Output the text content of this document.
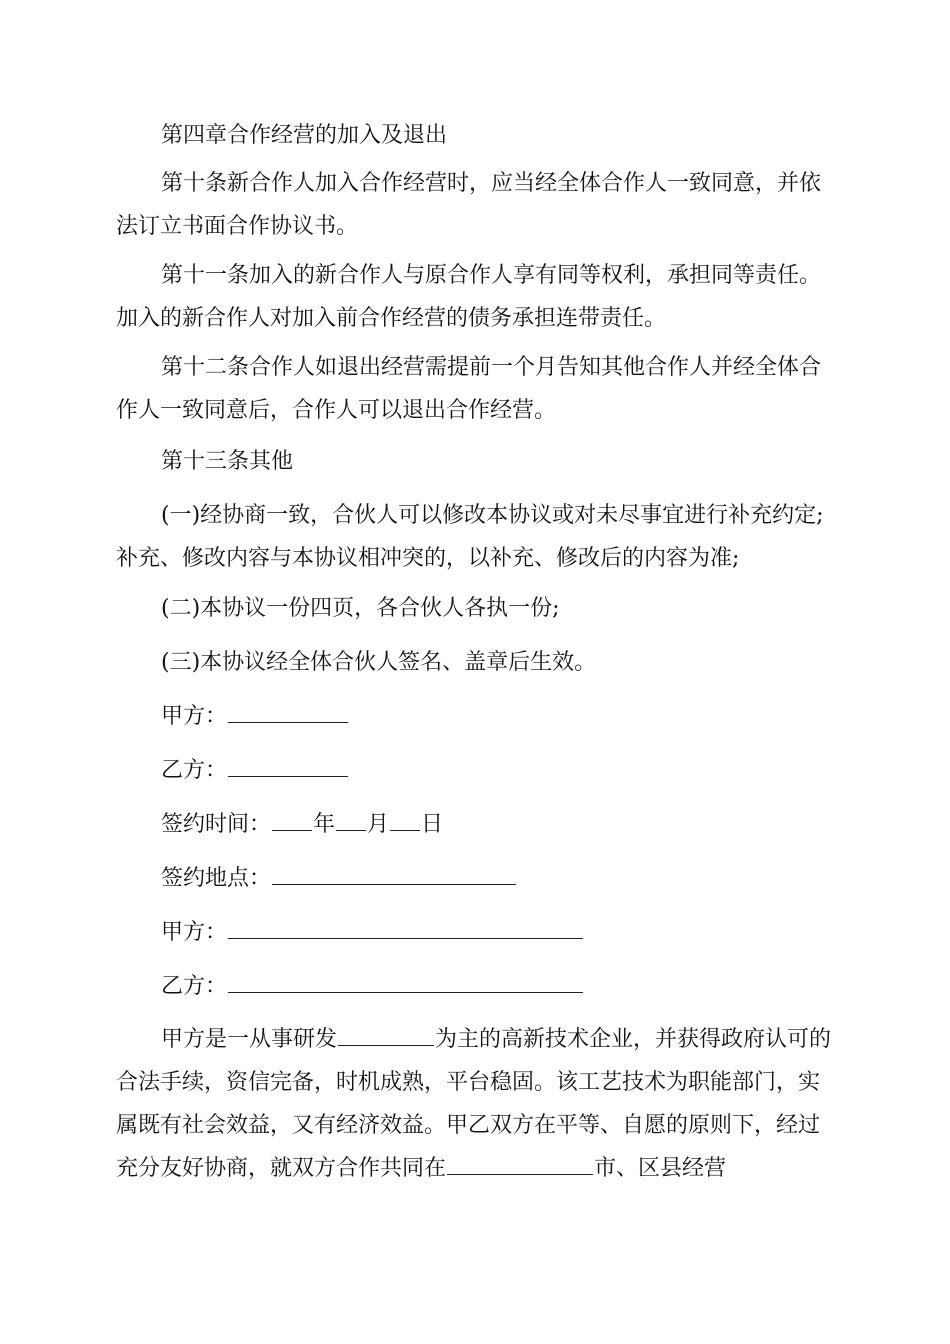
第四章合作经营的加入及退出

第十条新合作人加入合作经营时，应当经全体合作人一致同意，并依法订立书面合作协议书。

第十一条加入的新合作人与原合作人享有同等权利，承担同等责任。加入的新合作人对加入前合作经营的债务承担连带责任。

第十二条合作人如退出经营需提前一个月告知其他合作人并经全体合作人一致同意后，合作人可以退出合作经营。

第十三条其他

(一)经协商一致，合伙人可以修改本协议或对未尽事宜进行补充约定;补充、修改内容与本协议相冲突的，以补充、修改后的内容为准;

(二)本协议一份四页，各合伙人各执一份;

(三)本协议经全体合伙人签名、盖章后生效。

甲方：
乙方：
签约时间： 年 月 日
签约地点：
甲方：
乙方：

甲方是一从事研发	为主的高新技术企业，并获得政府认可的合法手续，资信完备，时机成熟，平台稳固。该工艺技术为职能部门，实属既有社会效益，又有经济效益。甲乙双方在平等、自愿的原则下，经过充分友好协商，就双方合作共同在	市、区县经营
